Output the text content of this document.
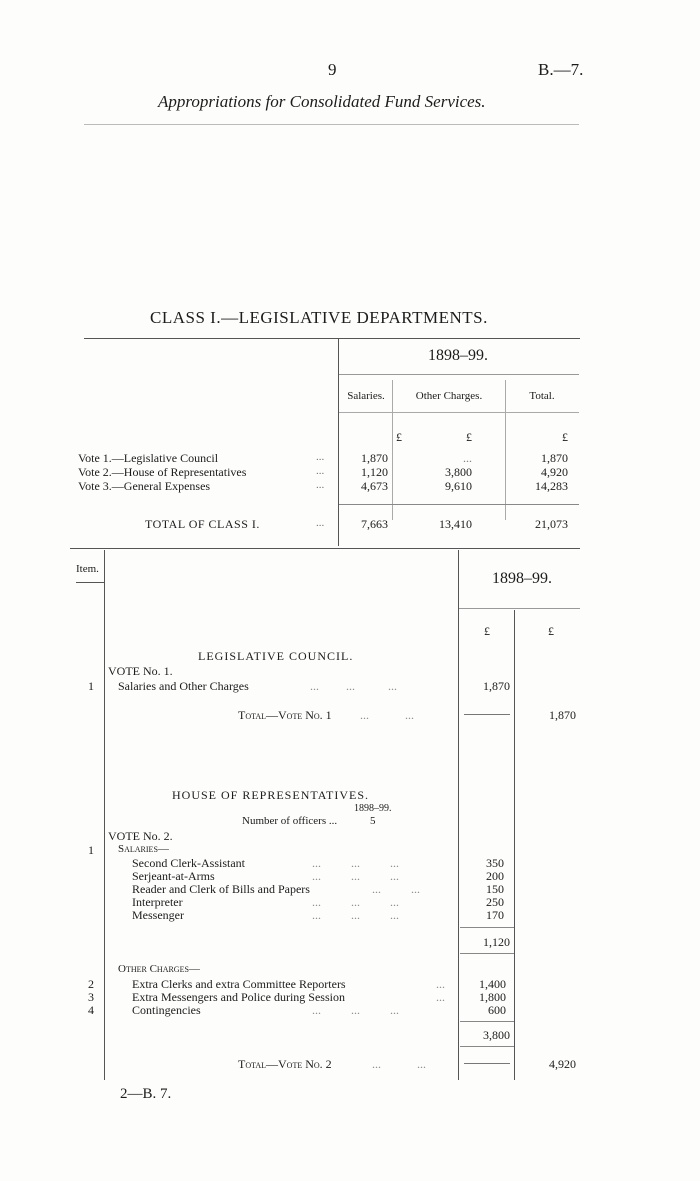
9	B.—7.
Appropriations for Consolidated Fund Services.
CLASS I.—LEGISLATIVE DEPARTMENTS.
1898–99.
Salaries.	Other Charges.	Total.
£	£	£
Vote 1.—Legislative Council	...	1,870	...	1,870
Vote 2.—House of Representatives	...	1,120	3,800	4,920
Vote 3.—General Expenses	...	4,673	9,610	14,283
TOTAL OF CLASS I.	...	7,663	13,410	21,073
Item.
1898–99.
£	£
LEGISLATIVE COUNCIL.
VOTE No. 1.
1 Salaries and Other Charges	...         ...           ...	1,870
Total—Vote No. 1 ...            ...	1,870
HOUSE OF REPRESENTATIVES.
1898–99.
Number of officers ...	5
VOTE No. 2.
1 Salaries—
Second Clerk-Assistant	...          ...          ...	350
Serjeant-at-Arms	...          ...          ...	200
Reader and Clerk of Bills and Papers	...          ...	150
Interpreter	...          ...          ...	250
Messenger	...          ...          ...	170
1,120
Other Charges—
2	Extra Clerks and extra Committee Reporters	...	1,400
3	Extra Messengers and Police during Session	...	1,800
4	Contingencies	...          ...          ...	600
3,800
Total—Vote No. 2	...            ...	4,920
2—B. 7.
